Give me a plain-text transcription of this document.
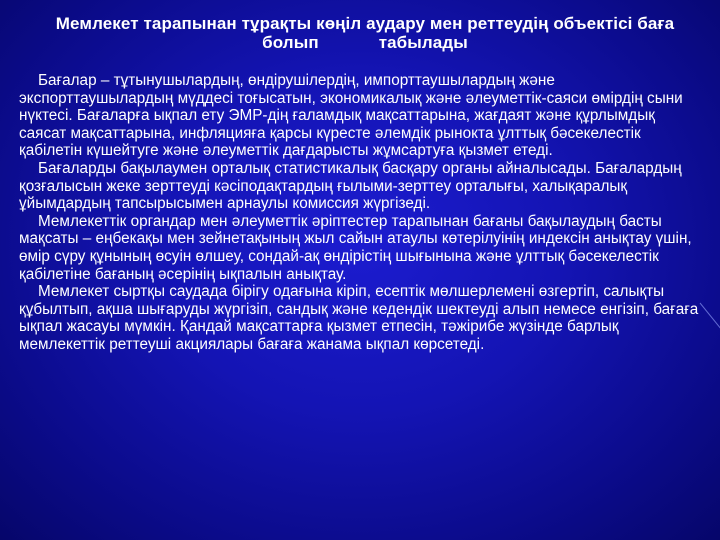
Мемлекет тарапынан тұрақты көңіл аудару мен реттеудің объектісі баға
болып	табылады

Бағалар – тұтынушылардың, өндірушілердің, импорттаушылардың және экспорттаушылардың мүддесі тоғысатын, экономикалық және әлеуметтік-саяси өмірдің сыни нүктесі. Бағаларға ықпал ету ЭМР-дің ғаламдық мақсаттарына, жағдаят және құрлымдық саясат мақсаттарына, инфляцияға қарсы күресте әлемдік рыноктa ұлттық бәсекелестік қабілетін күшейтуге және әлеуметтік дағдарысты жұмсартуға қызмет етеді.

Бағаларды бақылаумен орталық статистикалық басқару органы айналысады. Бағалардың қозғалысын жеке зерттеуді кәсіподақтардың ғылыми-зерттеу орталығы, халықаралық ұйымдардың тапсырысымен арнаулы комиссия жүргізеді.

Мемлекеттік органдар мен әлеуметтік әріптестер тарапынан бағаны бақылаудың басты мақсаты – еңбекақы мен зейнетақының жыл сайын атаулы көтерілуінің индексін анықтау үшін, өмір сүру құнының өсуін өлшеу, сондай-ақ өндірістің шығынына және ұлттық бәсекелестік қабілетіне бағаның әсерінің ықпалын анықтау.

Мемлекет сыртқы саудада бірігу одағына кіріп, есептік мөлшерлемені өзгертіп, салықты құбылтып, ақша шығаруды жүргізіп, сандық және кедендік шектеуді алып немесе енгізіп, бағаға ықпал жасауы мүмкін. Қандай мақсаттарға қызмет етпесін, тәжірибе жүзінде барлық мемлекеттік реттеуші акциялары бағаға жанама ықпал көрсетеді.
